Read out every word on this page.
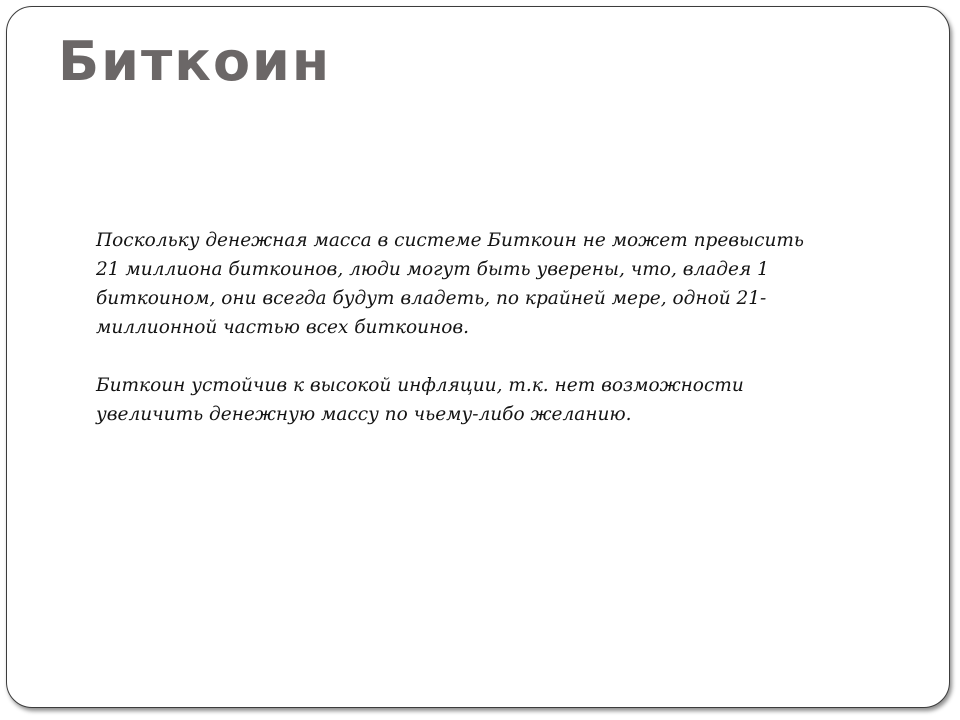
Биткоин

Поскольку денежная масса в системе Биткоин не может превысить
21 миллиона биткоинов, люди могут быть уверены, что, владея 1
биткоином, они всегда будут владеть, по крайней мере, одной 21-
миллионной частью всех биткоинов.

Биткоин устойчив к высокой инфляции, т.к. нет возможности
увеличить денежную массу по чьему-либо желанию.
